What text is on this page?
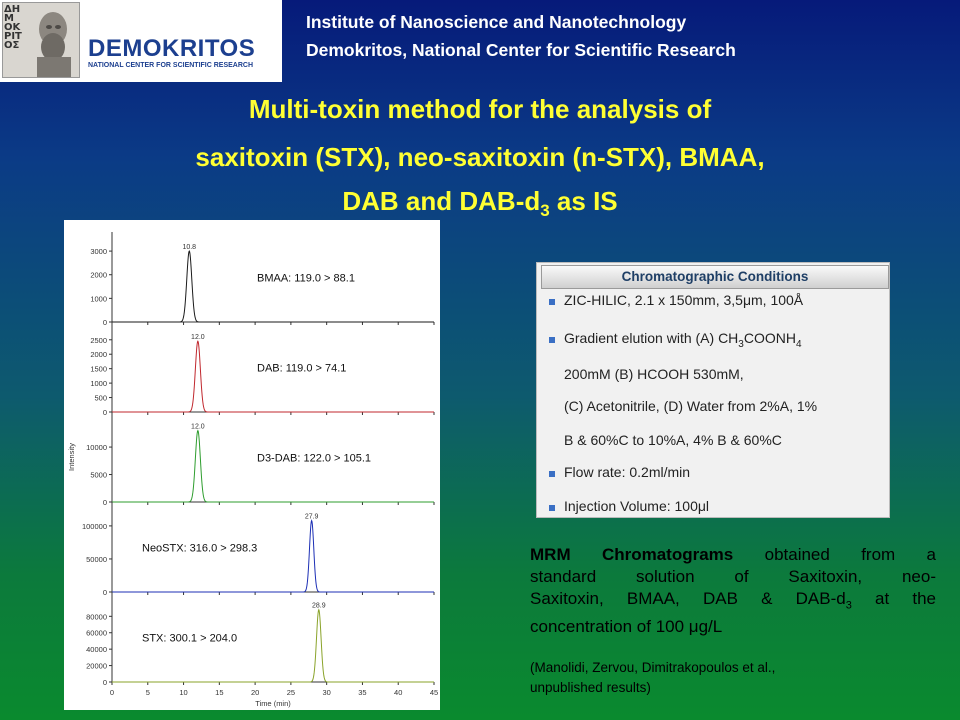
ΔΗΜΟΚΡΙΤΟΣ	DEMOKRITOS
NATIONAL CENTER FOR SCIENTIFIC RESEARCH
Institute of Nanoscience and Nanotechnology
Demokritos, National Center for Scientific Research
Multi-toxin method for the analysis of
saxitoxin (STX), neo-saxitoxin (n-STX), BMAA,
DAB and DAB-$d_3$ as IS
0
1000
2000
3000	10.8
BMAA: 119.0 > 88.1
0
500
1000
1500
2000
2500	12.0
DAB: 119.0 > 74.1
0
5000
10000
12.0
D3-DAB: 122.0 > 105.1
0
50000
100000
27.9
NeoSTX: 316.0 > 298.3
0
20000
40000
60000
80000
28.9
STX: 300.1 > 204.0
0	5	10	15	20	25	30	35	40	45
Time (min)
Intensity
Chromatographic Conditions
ZIC-HILIC, 2.1 x 150mm, 3,5μm, 100Å
Gradient elution with (A) $CH_3COONH_4$
200mM (B) HCOOH 530mM,
(C) Acetonitrile, (D) Water from 2%A, 1%
B & 60%C to 10%A, 4% B & 60%C
Flow rate: 0.2ml/min
Injection Volume: 100μl
MRM Chromatograms obtained from a
standard solution of Saxitoxin, neo-
Saxitoxin, BMAA, DAB & DAB-$d_3$ at the
concentration of 100 μg/L
(Manolidi, Zervou, Dimitrakopoulos et al.,
unpublished results)
